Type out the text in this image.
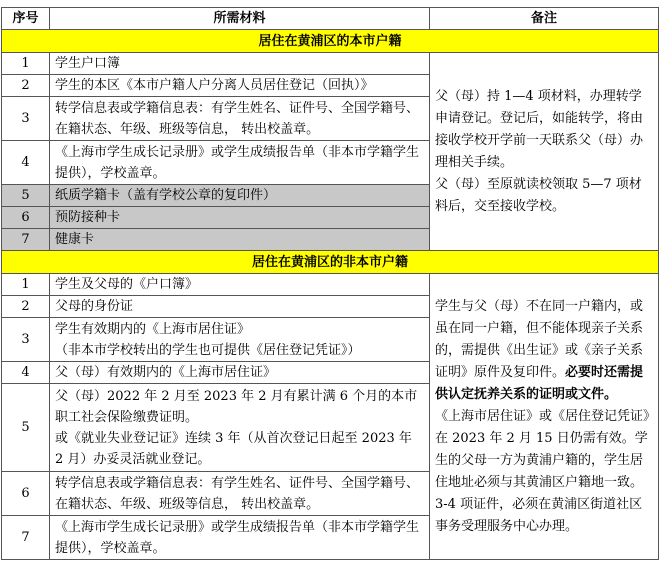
序号	所需材料	备注
居住在黄浦区的本市户籍		
1	学生户口簿	父（母）持 1—4 项材料，办理转学申请登记。登记后，如能转学，将由接收学校开学前一天联系父（母）办理相关手续。

父（母）至原就读校领取 5—7 项材料后，交至接收学校。

2	学生的本区《本市户籍人户分离人员居住登记（回执）》	
3	转学信息表或学籍信息表：有学生姓名、证件号、全国学籍号、在籍状态、年级、班级等信息， 转出校盖章。	
4	《上海市学生成长记录册》或学生成绩报告单（非本市学籍学生提供），学校盖章。	
5	纸质学籍卡（盖有学校公章的复印件）	
6	预防接种卡	
7	健康卡	
居住在黄浦区的非本市户籍		
1	学生及父母的《户口簿》	学生与父（母）不在同一户籍内，或虽在同一户籍，但不能体现亲子关系的，需提供《出生证》或《亲子关系证明》原件及复印件。必要时还需提供认定抚养关系的证明或文件。

《上海市居住证》或《居住登记凭证》在 2023 年 2 月 15 日仍需有效。学生的父母一方为黄浦户籍的，学生居住地址必须与其黄浦区户籍地一致。

3-4 项证件，必须在黄浦区街道社区事务受理服务中心办理。

2	父母的身份证	
3	学生有效期内的《上海市居住证》
（非本市学校转出的学生也可提供《居住登记凭证》）	

4	父（母）有效期内的《上海市居住证》	
5	父（母）2022 年 2 月至 2023 年 2 月有累计满 6 个月的本市职工社会保险缴费证明。
或《就业失业登记证》连续 3 年（从首次登记日起至 2023 年 2 月）办妥灵活就业登记。	

6	转学信息表或学籍信息表：有学生姓名、证件号、全国学籍号、在籍状态、年级、班级等信息， 转出校盖章。	
7	《上海市学生成长记录册》或学生成绩报告单（非本市学籍学生提供），学校盖章。	
